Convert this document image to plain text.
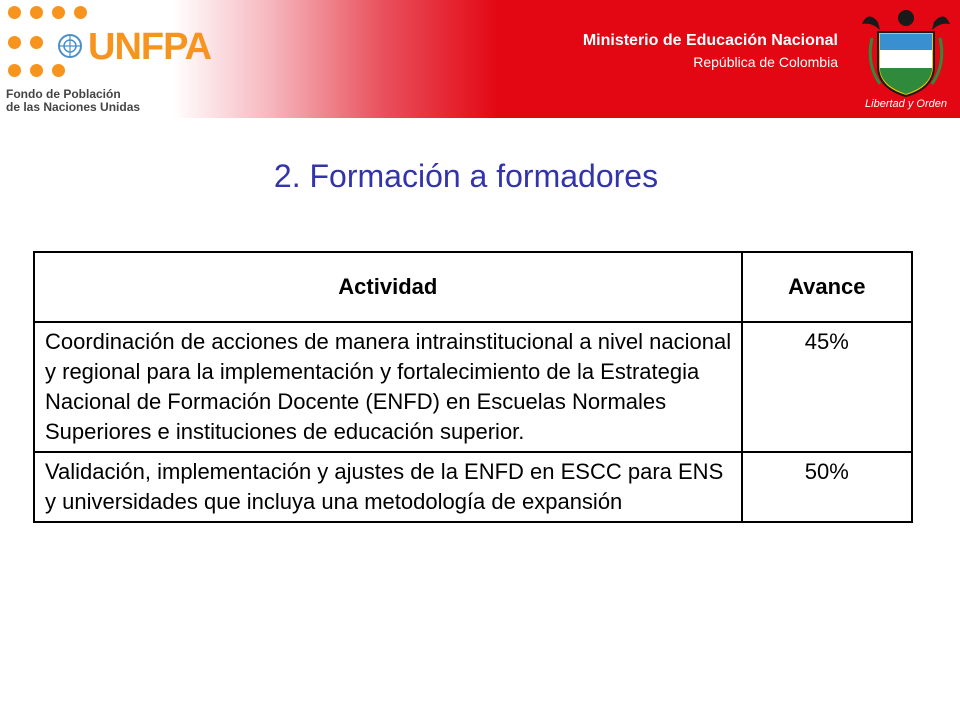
UNFPA
Fondo de Población
de las Naciones Unidas
Ministerio de Educación Nacional
República de Colombia
Libertad y Orden
2. Formación a formadores
Actividad	Avance
Coordinación de acciones de manera intrainstitucional a nivel nacional y regional para la implementación y fortalecimiento de la Estrategia Nacional de Formación Docente (ENFD) en Escuelas Normales Superiores e instituciones de educación superior.	45%
Validación, implementación y ajustes de la ENFD en ESCC para ENS y universidades que incluya una metodología de expansión	50%
